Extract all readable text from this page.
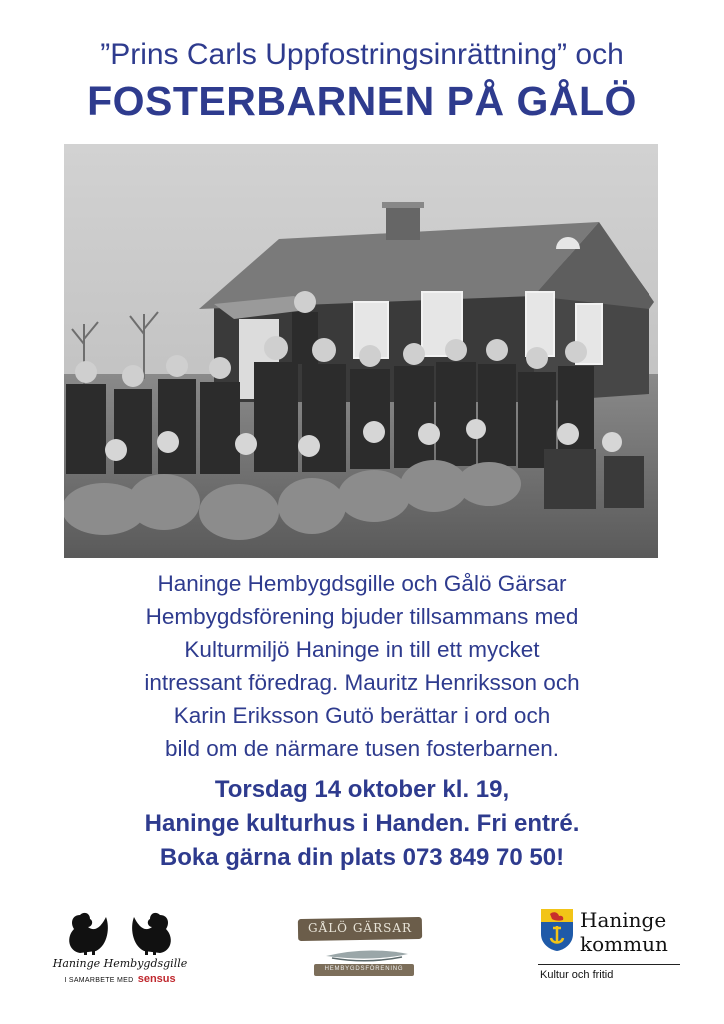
”Prins Carls Uppfostringsinrättning” och
FOSTERBARNEN PÅ GÅLÖ
Haninge Hembygdsgille och Gålö Gärsar
Hembygdsförening bjuder tillsammans med
Kulturmiljö Haninge in till ett mycket
intressant föredrag. Mauritz Henriksson och
Karin Eriksson Gutö berättar i ord och
bild om de närmare tusen fosterbarnen.
Torsdag 14 oktober kl. 19,
Haninge kulturhus i Handen. Fri entré.
Boka gärna din plats 073 849 70 50!
Haninge Hembygdsgille
I SAMARBETE MED sensus
GÅLÖ GÄRSAR
HEMBYGDSFÖRENING
Haninge
kommun
Kultur och fritid
